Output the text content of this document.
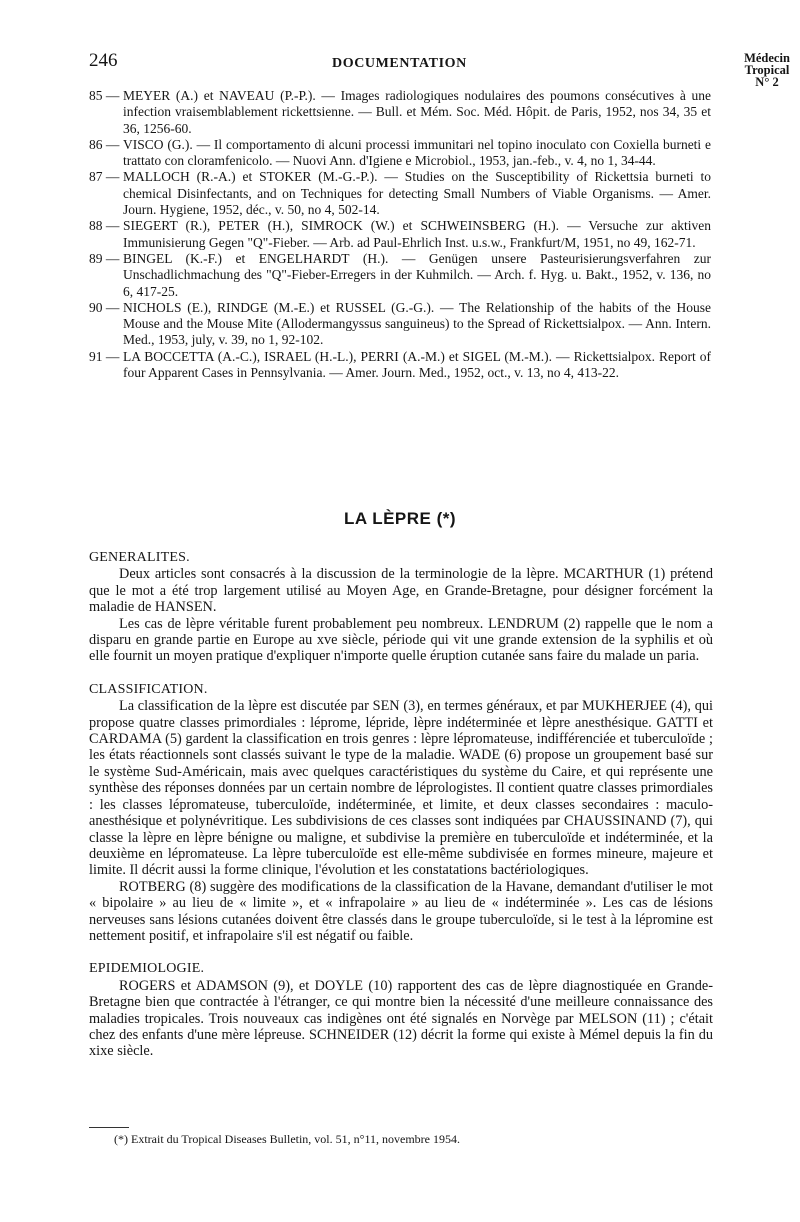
246	DOCUMENTATION	Médecin
Tropical
N° 2
85 — MEYER (A.) et NAVEAU (P.-P.). — Images radiologiques nodulaires des poumons consécutives à une infection vraisemblablement rickettsienne. — Bull. et Mém. Soc. Méd. Hôpit. de Paris, 1952, nos 34, 35 et 36, 1256-60.
86 — VISCO (G.). — Il comportamento di alcuni processi immunitari nel topino inoculato con Coxiella burneti e trattato con cloramfenicolo. — Nuovi Ann. d'Igiene e Microbiol., 1953, jan.-feb., v. 4, no 1, 34-44.
87 — MALLOCH (R.-A.) et STOKER (M.-G.-P.). — Studies on the Susceptibility of Rickettsia burneti to chemical Disinfectants, and on Techniques for detecting Small Numbers of Viable Organisms. — Amer. Journ. Hygiene, 1952, déc., v. 50, no 4, 502-14.
88 — SIEGERT (R.), PETER (H.), SIMROCK (W.) et SCHWEINSBERG (H.). — Versuche zur aktiven Immunisierung Gegen "Q"-Fieber. — Arb. ad Paul-Ehrlich Inst. u.s.w., Frankfurt/M, 1951, no 49, 162-71.
89 — BINGEL (K.-F.) et ENGELHARDT (H.). — Genügen unsere Pasteurisierungsverfahren zur Unschadlichmachung des "Q"-Fieber-Erregers in der Kuhmilch. — Arch. f. Hyg. u. Bakt., 1952, v. 136, no 6, 417-25.
90 — NICHOLS (E.), RINDGE (M.-E.) et RUSSEL (G.-G.). — The Relationship of the habits of the House Mouse and the Mouse Mite (Allodermangyssus sanguineus) to the Spread of Rickettsialpox. — Ann. Intern. Med., 1953, july, v. 39, no 1, 92-102.
91 — LA BOCCETTA (A.-C.), ISRAEL (H.-L.), PERRI (A.-M.) et SIGEL (M.-M.). — Rickettsialpox. Report of four Apparent Cases in Pennsylvania. — Amer. Journ. Med., 1952, oct., v. 13, no 4, 413-22.
LA LÈPRE (*)
GENERALITES.

Deux articles sont consacrés à la discussion de la terminologie de la lèpre. MCARTHUR (1) prétend que le mot a été trop largement utilisé au Moyen Age, en Grande-Bretagne, pour désigner forcément la maladie de HANSEN.

Les cas de lèpre véritable furent probablement peu nombreux. LENDRUM (2) rappelle que le nom a disparu en grande partie en Europe au xve siècle, période qui vit une grande extension de la syphilis et où elle fournit un moyen pratique d'expliquer n'importe quelle éruption cutanée sans faire du malade un paria.

CLASSIFICATION.

La classification de la lèpre est discutée par SEN (3), en termes généraux, et par MUKHERJEE (4), qui propose quatre classes primordiales : léprome, lépride, lèpre indéterminée et lèpre anesthésique. GATTI et CARDAMA (5) gardent la classification en trois genres : lèpre lépromateuse, indifférenciée et tuberculoïde ; les états réactionnels sont classés suivant le type de la maladie. WADE (6) propose un groupement basé sur le système Sud-Américain, mais avec quelques caractéristiques du système du Caire, et qui représente une synthèse des réponses données par un certain nombre de léprologistes. Il contient quatre classes primordiales : les classes lépromateuse, tuberculoïde, indéterminée, et limite, et deux classes secondaires : maculo-anesthésique et polynévritique. Les subdivisions de ces classes sont indiquées par CHAUSSINAND (7), qui classe la lèpre en lèpre bénigne ou maligne, et subdivise la première en tuberculoïde et indéterminée, et la deuxième en lépromateuse. La lèpre tuberculoïde est elle-même subdivisée en formes mineure, majeure et limite. Il décrit aussi la forme clinique, l'évolution et les constatations bactériologiques.

ROTBERG (8) suggère des modifications de la classification de la Havane, demandant d'utiliser le mot « bipolaire » au lieu de « limite », et « infrapolaire » au lieu de « indéterminée ». Les cas de lésions nerveuses sans lésions cutanées doivent être classés dans le groupe tuberculoïde, si le test à la lépromine est nettement positif, et infrapolaire s'il est négatif ou faible.

EPIDEMIOLOGIE.

ROGERS et ADAMSON (9), et DOYLE (10) rapportent des cas de lèpre diagnostiquée en Grande-Bretagne bien que contractée à l'étranger, ce qui montre bien la nécessité d'une meilleure connaissance des maladies tropicales. Trois nouveaux cas indigènes ont été signalés en Norvège par MELSON (11) ; c'était chez des enfants d'une mère lépreuse. SCHNEIDER (12) décrit la forme qui existe à Mémel depuis la fin du xixe siècle.

(*) Extrait du Tropical Diseases Bulletin, vol. 51, n°11, novembre 1954.
